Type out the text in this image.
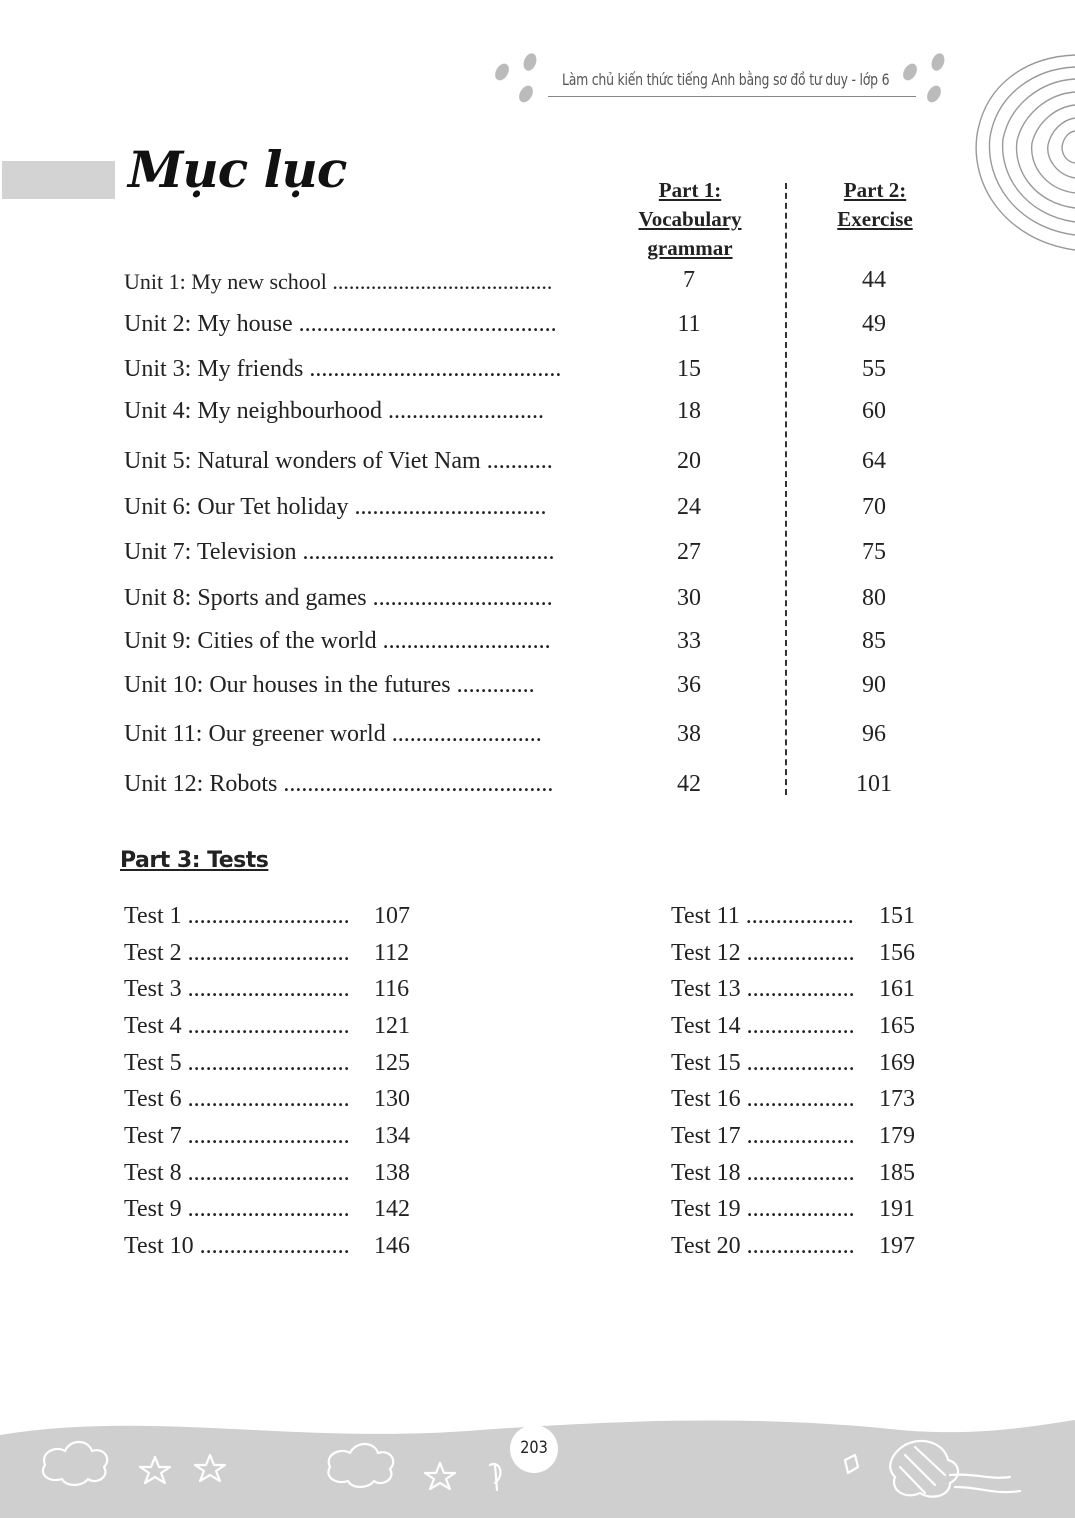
Làm chủ kiến thức tiếng Anh bằng sơ đồ tư duy - lớp 6
Mục lục	Part 1:
Vocabulary
grammar
Part 2:
Exercise
Unit 1: My new school ........................................	7	44
Unit 2: My house ...........................................	11	49
Unit 3: My friends ..........................................	15	55
Unit 4: My neighbourhood ..........................	18	60
Unit 5: Natural wonders of Viet Nam ...........	20	64
Unit 6: Our Tet holiday ................................	24	70
Unit 7: Television ..........................................	27	75
Unit 8: Sports and games ..............................	30	80
Unit 9: Cities of the world ............................	33	85
Unit 10: Our houses in the futures .............	36	90
Unit 11: Our greener world .........................	38	96
Unit 12: Robots .............................................	42	101
Part 3: Tests
Test 1 ........................... 107
Test 2 ........................... 112
Test 3 ........................... 116
Test 4 ........................... 121
Test 5 ........................... 125
Test 6 ........................... 130
Test 7 ........................... 134
Test 8 ........................... 138
Test 9 ........................... 142
Test 10 ......................... 146
Test 11 .................. 151
Test 12 .................. 156
Test 13 .................. 161
Test 14 .................. 165
Test 15 .................. 169
Test 16 .................. 173
Test 17 .................. 179
Test 18 .................. 185
Test 19 .................. 191
Test 20 .................. 197
203
